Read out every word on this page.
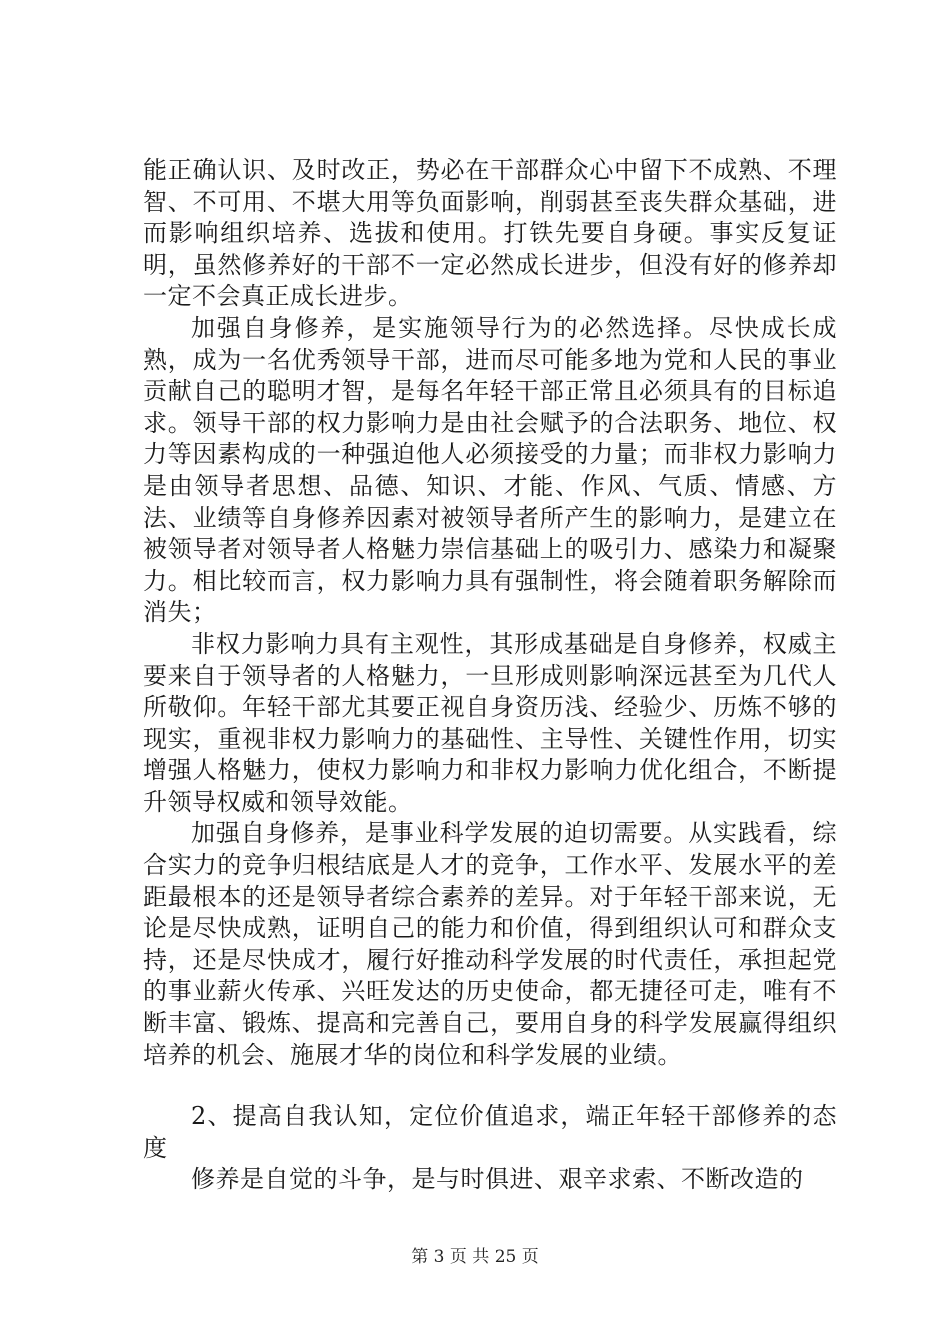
能正确认识、及时改正，势必在干部群众心中留下不成熟、不理智、不可用、不堪大用等负面影响，削弱甚至丧失群众基础，进而影响组织培养、选拔和使用。打铁先要自身硬。事实反复证明，虽然修养好的干部不一定必然成长进步，但没有好的修养却一定不会真正成长进步。

加强自身修养，是实施领导行为的必然选择。尽快成长成熟，成为一名优秀领导干部，进而尽可能多地为党和人民的事业贡献自己的聪明才智，是每名年轻干部正常且必须具有的目标追求。领导干部的权力影响力是由社会赋予的合法职务、地位、权力等因素构成的一种强迫他人必须接受的力量；而非权力影响力是由领导者思想、品德、知识、才能、作风、气质、情感、方法、业绩等自身修养因素对被领导者所产生的影响力，是建立在被领导者对领导者人格魅力崇信基础上的吸引力、感染力和凝聚力。相比较而言，权力影响力具有强制性，将会随着职务解除而消失；

非权力影响力具有主观性，其形成基础是自身修养，权威主要来自于领导者的人格魅力，一旦形成则影响深远甚至为几代人所敬仰。年轻干部尤其要正视自身资历浅、经验少、历炼不够的现实，重视非权力影响力的基础性、主导性、关键性作用，切实增强人格魅力，使权力影响力和非权力影响力优化组合，不断提升领导权威和领导效能。

加强自身修养，是事业科学发展的迫切需要。从实践看，综合实力的竞争归根结底是人才的竞争，工作水平、发展水平的差距最根本的还是领导者综合素养的差异。对于年轻干部来说，无论是尽快成熟，证明自己的能力和价值，得到组织认可和群众支持，还是尽快成才，履行好推动科学发展的时代责任，承担起党的事业薪火传承、兴旺发达的历史使命，都无捷径可走，唯有不断丰富、锻炼、提高和完善自己，要用自身的科学发展赢得组织培养的机会、施展才华的岗位和科学发展的业绩。

2、提高自我认知，定位价值追求，端正年轻干部修养的态度

修养是自觉的斗争，是与时俱进、艰辛求索、不断改造的

第 3 页 共 25 页
